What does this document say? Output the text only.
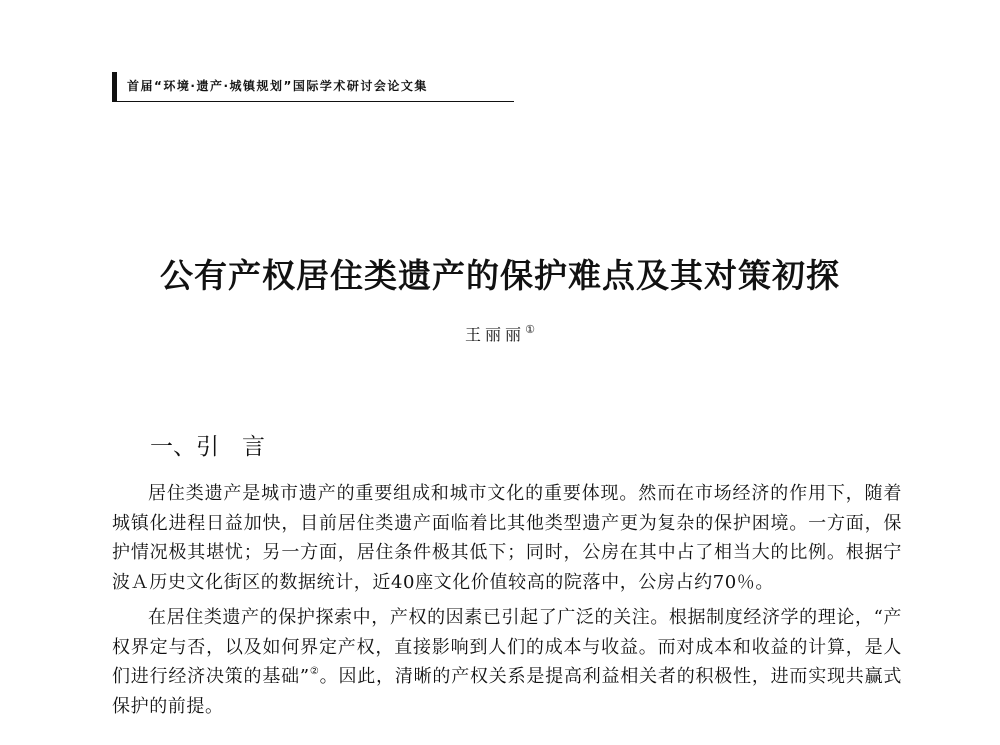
首届“环境·遗产·城镇规划”国际学术研讨会论文集
公有产权居住类遗产的保护难点及其对策初探
王丽丽①
一、引　言

居住类遗产是城市遗产的重要组成和城市文化的重要体现。然而在市场经济的作用下，随着城镇化进程日益加快，目前居住类遗产面临着比其他类型遗产更为复杂的保护困境。一方面，保护情况极其堪忧；另一方面，居住条件极其低下；同时，公房在其中占了相当大的比例。根据宁波Ａ历史文化街区的数据统计，近40座文化价值较高的院落中，公房占约70％。

在居住类遗产的保护探索中，产权的因素已引起了广泛的关注。根据制度经济学的理论，“产权界定与否，以及如何界定产权，直接影响到人们的成本与收益。而对成本和收益的计算，是人们进行经济决策的基础”②。因此，清晰的产权关系是提高利益相关者的积极性，进而实现共赢式保护的前提。
